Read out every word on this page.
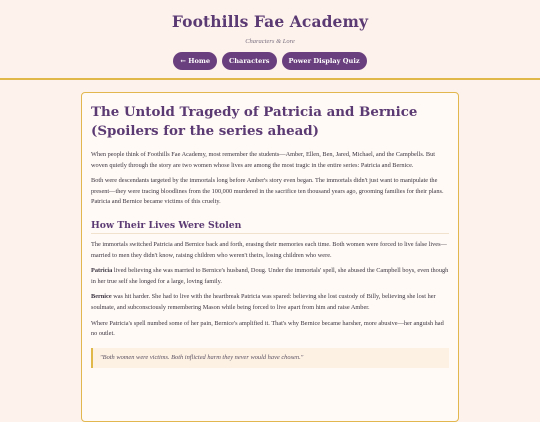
Foothills Fae Academy
Characters & Lore
← Home	Characters	Power Display Quiz
The Untold Tragedy of Patricia and Bernice (Spoilers for the series ahead)

When people think of Foothills Fae Academy, most remember the students—Amber, Ellen, Ben, Jared, Michael, and the Campbells. But woven quietly through the story are two women whose lives are among the most tragic in the entire series: Patricia and Bernice.

Both were descendants targeted by the immortals long before Amber's story even began. The immortals didn't just want to manipulate the present—they were tracing bloodlines from the 100,000 murdered in the sacrifice ten thousand years ago, grooming families for their plans. Patricia and Bernice became victims of this cruelty.

How Their Lives Were Stolen

The immortals switched Patricia and Bernice back and forth, erasing their memories each time. Both women were forced to live false lives—married to men they didn't know, raising children who weren't theirs, losing children who were.

Patricia lived believing she was married to Bernice's husband, Doug. Under the immortals' spell, she abused the Campbell boys, even though in her true self she longed for a large, loving family.

Bernice was hit harder. She had to live with the heartbreak Patricia was spared: believing she lost custody of Billy, believing she lost her soulmate, and subconsciously remembering Mason while being forced to live apart from him and raise Amber.

Where Patricia's spell numbed some of her pain, Bernice's amplified it. That's why Bernice became harsher, more abusive—her anguish had no outlet.

"Both women were victims. Both inflicted harm they never would have chosen."
